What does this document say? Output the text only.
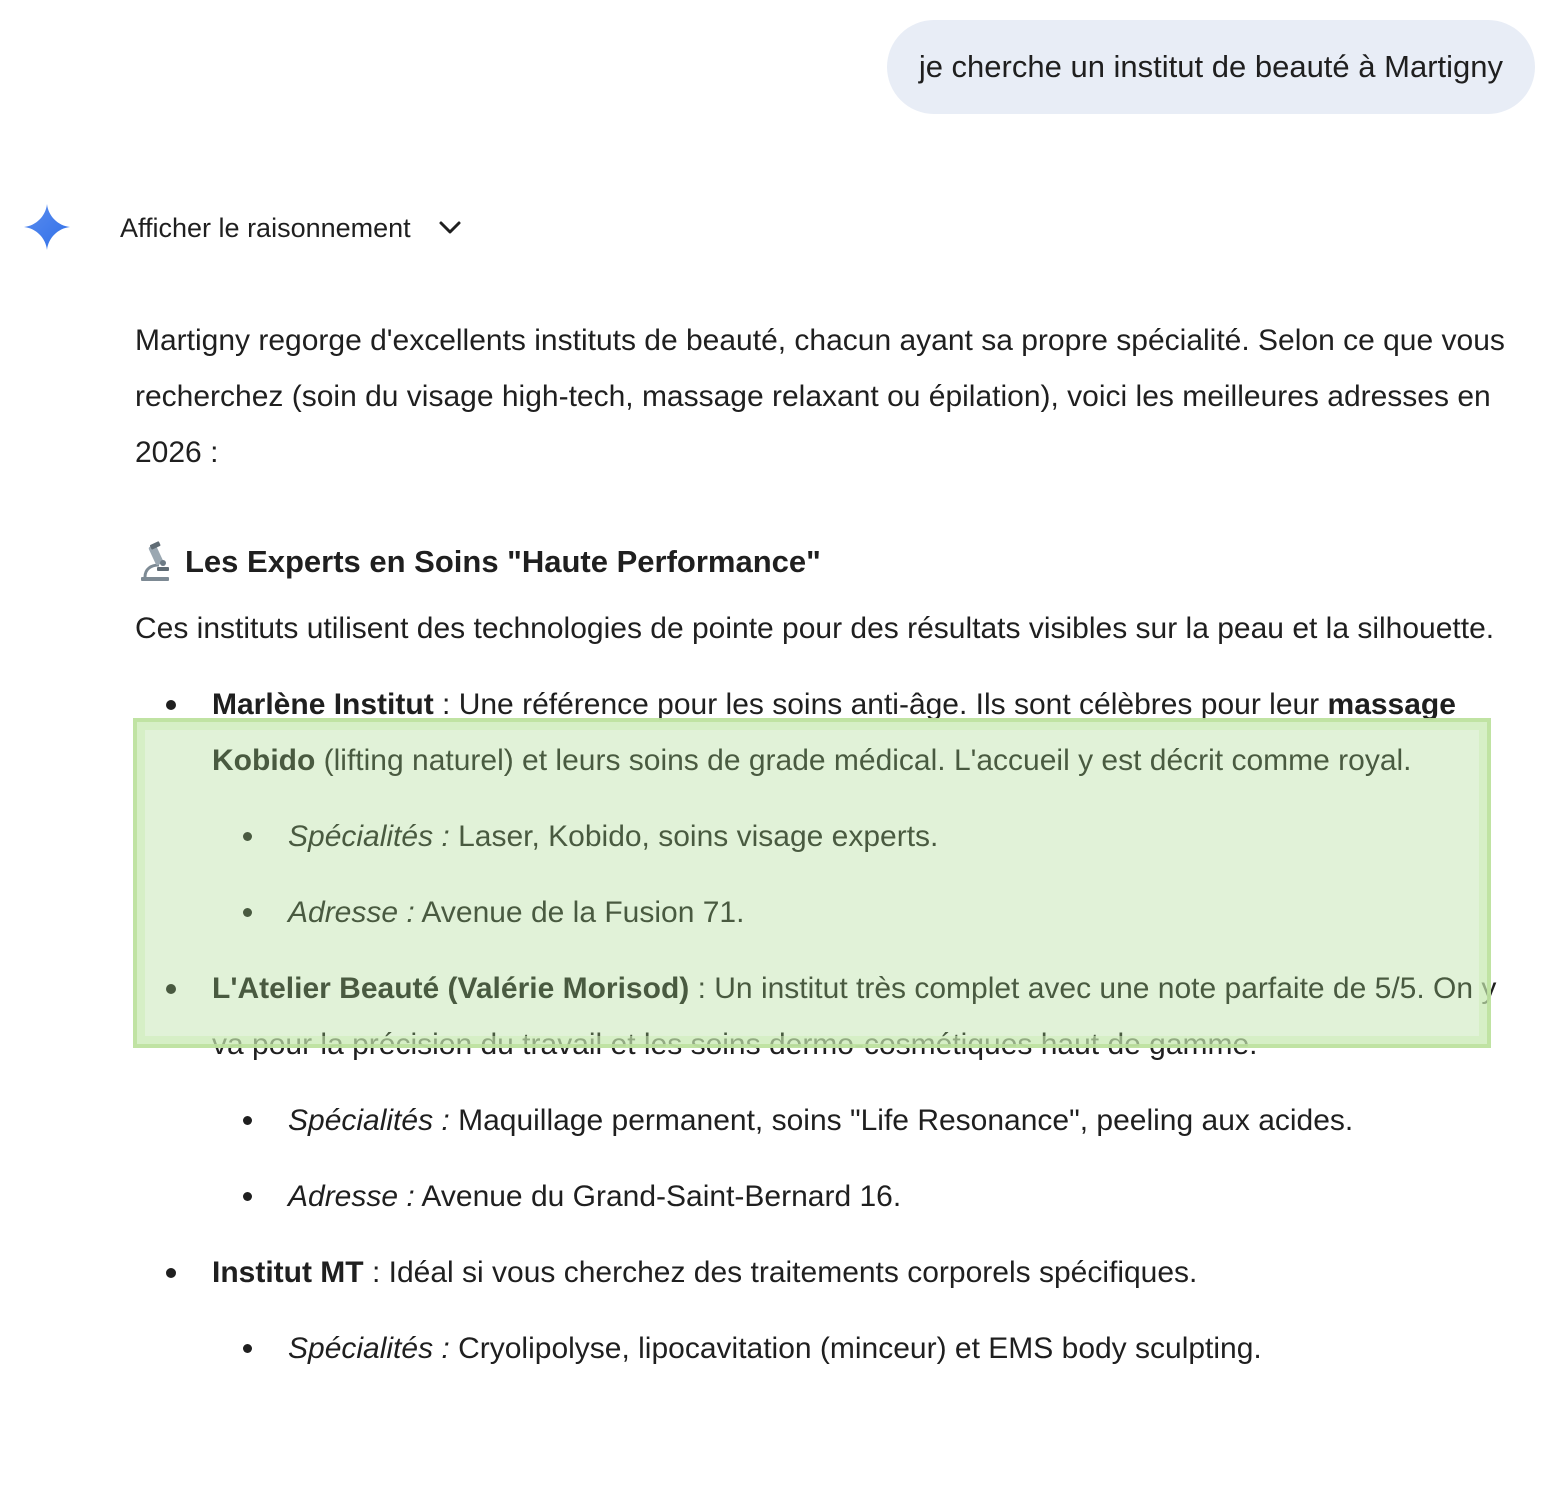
je cherche un institut de beauté à Martigny
Afficher le raisonnement

Martigny regorge d'excellents instituts de beauté, chacun ayant sa propre spécialité. Selon ce que vous recherchez (soin du visage high-tech, massage relaxant ou épilation), voici les meilleures adresses en 2026 :

Les Experts en Soins "Haute Performance"

Ces instituts utilisent des technologies de pointe pour des résultats visibles sur la peau et la silhouette.

Marlène Institut : Une référence pour les soins anti-âge. Ils sont célèbres pour leur massage Kobido (lifting naturel) et leurs soins de grade médical. L'accueil y est décrit comme royal.
Spécialités : Laser, Kobido, soins visage experts.
Adresse : Avenue de la Fusion 71.
L'Atelier Beauté (Valérie Morisod) : Un institut très complet avec une note parfaite de 5/5. On y va pour la précision du travail et les soins dermo-cosmétiques haut de gamme.
Spécialités : Maquillage permanent, soins "Life Resonance", peeling aux acides.
Adresse : Avenue du Grand-Saint-Bernard 16.
Institut MT : Idéal si vous cherchez des traitements corporels spécifiques.
Spécialités : Cryolipolyse, lipocavitation (minceur) et EMS body sculpting.
